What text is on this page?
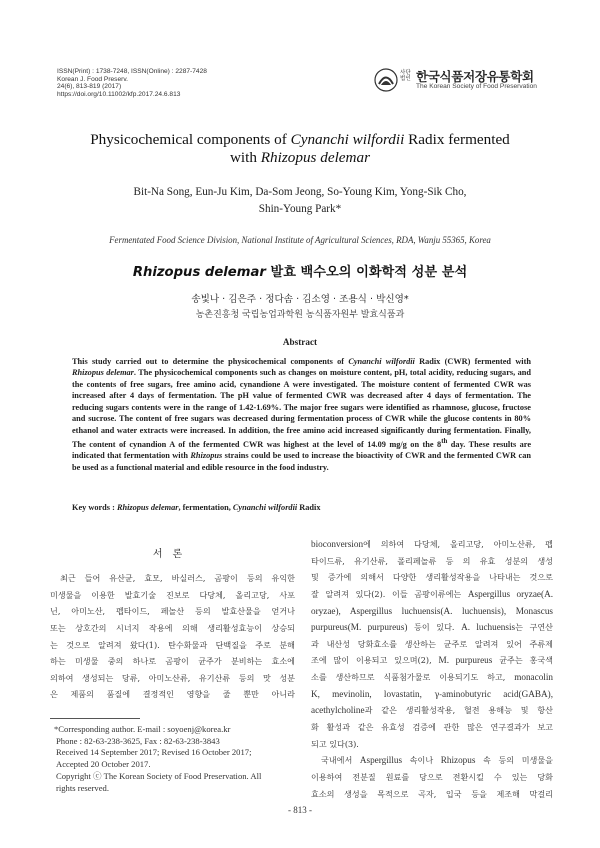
ISSN(Print) : 1738-7248, ISSN(Online) : 2287-7428
Korean J. Food Preserv.
24(6), 813-819 (2017)
https://doi.org/10.11002/kfp.2017.24.6.813
사단 법인 한국식품저장유통학회
The Korean Society of Food Preservation
Physicochemical components of Cynanchi wilfordii Radix fermented
with Rhizopus delemar
Bit-Na Song, Eun-Ju Kim, Da-Som Jeong, So-Young Kim, Yong-Sik Cho,
Shin-Young Park*
Fermentated Food Science Division, National Institute of Agricultural Sciences, RDA, Wanju 55365, Korea
Rhizopus delemar 발효 백수오의 이화학적 성분 분석
송빛나 · 김은주 · 정다솜 · 김소영 · 조용식 · 박신영*
농촌진흥청 국립농업과학원 농식품자원부 발효식품과
Abstract
This study carried out to determine the physicochemical components of Cynanchi wilfordii Radix (CWR) fermented with Rhizopus delemar. The physicochemical components such as changes on moisture content, pH, total acidity, reducing sugars, and the contents of free sugars, free amino acid, cynandione A were investigated. The moisture content of fermented CWR was increased after 4 days of fermentation. The pH value of fermented CWR was decreased after 4 days of fermentation. The reducing sugars contents were in the range of 1.42-1.69%. The major free sugars were identified as rhamnose, glucose, fructose and sucrose. The content of free sugars was decreased during fermentation process of CWR while the glucose contents in 80% ethanol and water extracts were increased. In addition, the free amino acid increased significantly during fermentation. Finally, The content of cynandion A of the fermented CWR was highest at the level of 14.09 mg/g on the 8th day. These results are indicated that fermentation with Rhizopus strains could be used to increase the bioactivity of CWR and the fermented CWR can be used as a functional material and edible resource in the food industry.
Key words : Rhizopus delemar, fermentation, Cynanchi wilfordii Radix
서론
최근 들어 유산균, 효모, 바실러스, 곰팡이 등의 유익한
미생물을 이용한 발효기술 진보로 다당체, 올리고당, 사포
닌, 아미노산, 펩타이드, 페놀산 등의 발효산물을 얻거나
또는 상호간의 시너지 작용에 의해 생리활성효능이 상승되
는 것으로 알려져 왔다(1). 탄수화물과 단백질을 주로 분해
하는 미생물 중의 하나로 곰팡이 균주가 분비하는 효소에
의하여 생성되는 당류, 아미노산류, 유기산류 등의 맛 성분
은 제품의 품질에 결정적인 영향을 줄 뿐만 아니라
bioconversion에 의하여 다당체, 올리고당, 아미노산류, 펩
타이드류, 유기산류, 폴리페놀류 등 의 유효 성분의 생성
및 증가에 의해서 다양한 생리활성작용을 나타내는 것으로
잘 알려져 있다(2). 이들 곰팡이류에는 Aspergillus oryzae(A.
oryzae), Aspergillus luchuensis(A. luchuensis), Monascus
purpureus(M. purpureus) 등이 있다. A. luchuensis는 구연산
과 내산성 당화효소를 생산하는 균주로 알려져 있어 주류제
조에 많이 이용되고 있으며(2), M. purpureus 균주는 홍국색
소를 생산하므로 식품첨가물로 이용되기도 하고, monacolin
K, mevinolin, lovastatin, γ-aminobutyric acid(GABA),
acethylcholine과 같은 생리활성작용, 혈전 용해능 및 항산
화 활성과 같은 유효성 검증에 관한 많은 연구결과가 보고
되고 있다(3).
국내에서 Aspergillus 속이나 Rhizopus 속 등의 미생물을
이용하여 전분질 원료를 당으로 전환시킬 수 있는 당화
효소의 생성을 목적으로 곡자, 입국 등을 제조해 막걸리
*Corresponding author. E-mail : soyoenj@korea.kr
Phone : 82-63-238-3625, Fax : 82-63-238-3843
Received 14 September 2017; Revised 16 October 2017;
Accepted 20 October 2017.
Copyright ⓒ The Korean Society of Food Preservation. All
rights reserved.
- 813 -
